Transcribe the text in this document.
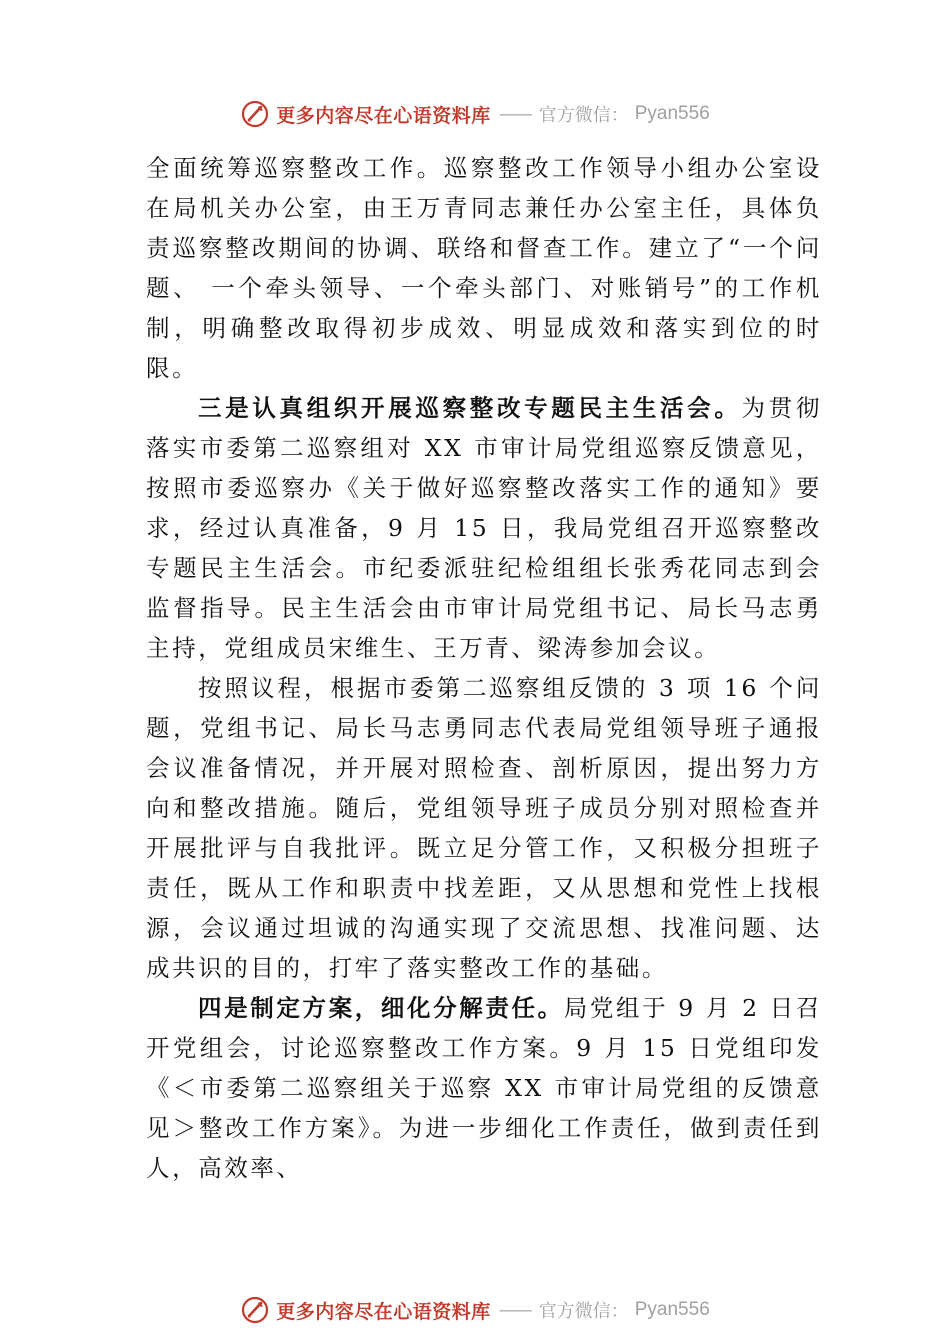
更多内容尽在心语资料库 —— 官方微信： Pyan556

全面统筹巡察整改工作。巡察整改工作领导小组办公室设在局机关办公室，由王万青同志兼任办公室主任，具体负责巡察整改期间的协调、联络和督查工作。建立了“一个问题、 一个牵头领导、一个牵头部门、对账销号”的工作机制，明确整改取得初步成效、明显成效和落实到位的时限。

三是认真组织开展巡察整改专题民主生活会。为贯彻落实市委第二巡察组对 XX 市审计局党组巡察反馈意见，按照市委巡察办《关于做好巡察整改落实工作的通知》要求，经过认真准备，9 月 15 日，我局党组召开巡察整改专题民主生活会。市纪委派驻纪检组组长张秀花同志到会监督指导。民主生活会由市审计局党组书记、局长马志勇主持，党组成员宋维生、王万青、梁涛参加会议。

按照议程，根据市委第二巡察组反馈的 3 项 16 个问题，党组书记、局长马志勇同志代表局党组领导班子通报会议准备情况，并开展对照检查、剖析原因，提出努力方向和整改措施。随后，党组领导班子成员分别对照检查并开展批评与自我批评。既立足分管工作，又积极分担班子责任，既从工作和职责中找差距，又从思想和党性上找根源，会议通过坦诚的沟通实现了交流思想、找准问题、达成共识的目的，打牢了落实整改工作的基础。

四是制定方案，细化分解责任。局党组于 9 月 2 日召开党组会，讨论巡察整改工作方案。9 月 15 日党组印发《＜市委第二巡察组关于巡察 XX 市审计局党组的反馈意见＞整改工作方案》。为进一步细化工作责任，做到责任到人，高效率、

更多内容尽在心语资料库 —— 官方微信： Pyan556
